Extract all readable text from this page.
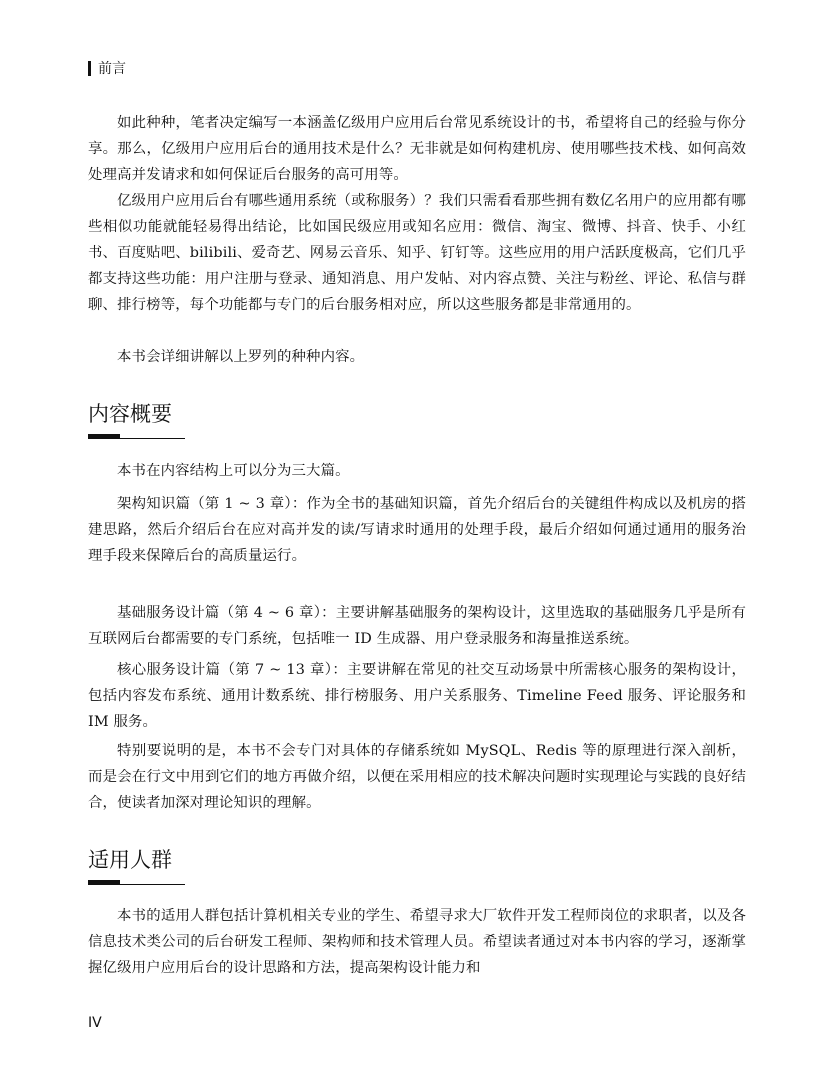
前言

如此种种，笔者决定编写一本涵盖亿级用户应用后台常见系统设计的书，希望将自己的经验与你分享。那么，亿级用户应用后台的通用技术是什么？无非就是如何构建机房、使用哪些技术栈、如何高效处理高并发请求和如何保证后台服务的高可用等。

亿级用户应用后台有哪些通用系统（或称服务）？我们只需看看那些拥有数亿名用户的应用都有哪些相似功能就能轻易得出结论，比如国民级应用或知名应用：微信、淘宝、微博、抖音、快手、小红书、百度贴吧、bilibili、爱奇艺、网易云音乐、知乎、钉钉等。这些应用的用户活跃度极高，它们几乎都支持这些功能：用户注册与登录、通知消息、用户发帖、对内容点赞、关注与粉丝、评论、私信与群聊、排行榜等，每个功能都与专门的后台服务相对应，所以这些服务都是非常通用的。

本书会详细讲解以上罗列的种种内容。

内容概要

本书在内容结构上可以分为三大篇。

架构知识篇（第 1 ~ 3 章）：作为全书的基础知识篇，首先介绍后台的关键组件构成以及机房的搭建思路，然后介绍后台在应对高并发的读/写请求时通用的处理手段，最后介绍如何通过通用的服务治理手段来保障后台的高质量运行。

基础服务设计篇（第 4 ~ 6 章）：主要讲解基础服务的架构设计，这里选取的基础服务几乎是所有互联网后台都需要的专门系统，包括唯一 ID 生成器、用户登录服务和海量推送系统。

核心服务设计篇（第 7 ~ 13 章）：主要讲解在常见的社交互动场景中所需核心服务的架构设计，包括内容发布系统、通用计数系统、排行榜服务、用户关系服务、Timeline Feed 服务、评论服务和 IM 服务。

特别要说明的是，本书不会专门对具体的存储系统如 MySQL、Redis 等的原理进行深入剖析，而是会在行文中用到它们的地方再做介绍，以便在采用相应的技术解决问题时实现理论与实践的良好结合，使读者加深对理论知识的理解。

适用人群

本书的适用人群包括计算机相关专业的学生、希望寻求大厂软件开发工程师岗位的求职者，以及各信息技术类公司的后台研发工程师、架构师和技术管理人员。希望读者通过对本书内容的学习，逐渐掌握亿级用户应用后台的设计思路和方法，提高架构设计能力和

IV
